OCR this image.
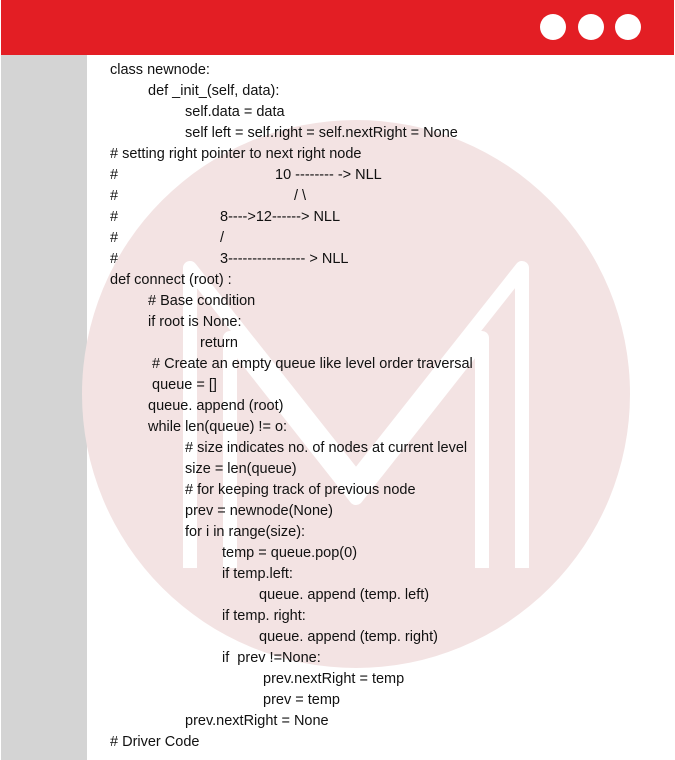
class newnode:
def _init_(self, data):
self.data = data
self left = self.right = self.nextRight = None
# setting right pointer to next right node
#	10 -------- -> NLL
#	/ \
#	8---->12------> NLL
#	/
#	3---------------- > NLL
def connect (root) :
# Base condition
if root is None:
return
# Create an empty queue like level order traversal
queue = []
queue. append (root)
while len(queue) != o:
# size indicates no. of nodes at current level
size = len(queue)
# for keeping track of previous node
prev = newnode(None)
for i in range(size):
temp = queue.pop(0)
if temp.left:
queue. append (temp. left)
if temp. right:
queue. append (temp. right)
if  prev !=None:
prev.nextRight = temp
prev = temp
prev.nextRight = None
# Driver Code
